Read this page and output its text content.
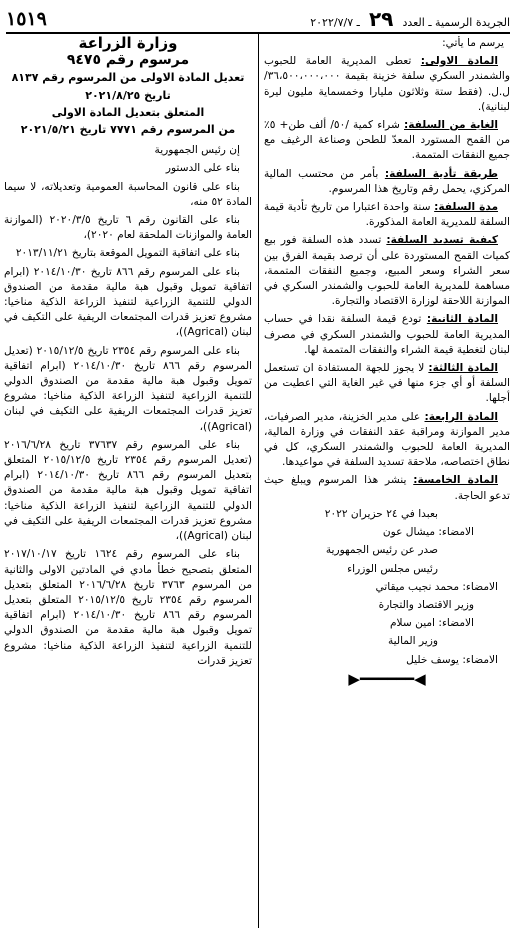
الجريدة الرسمية ـ العدد ٢٩ ـ ٢٠٢٢/٧/٧
١٥١٩

يرسم ما يأتي:

المادة الاولى: تعطى المديرية العامة للحبوب والشمندر السكري سلفة خزينة بقيمة ٣٦،٥٠٠،٠٠٠،٠٠٠/ل.ل. (فقط ستة وثلاثون مليارا وخمسماية مليون ليرة لبنانية).

الغاية من السلفة: شراء كمية /٥٠/ ألف طن+ ٥٪ من القمح المستورد المعدّ للطحن وصناعة الرغيف مع جميع النفقات المتممة.

طريقة تأدية السلفة: بأمر من محتسب المالية المركزي، يحمل رقم وتاريخ هذا المرسوم.

مدة السلفة: سنة واحدة اعتبارا من تاريخ تأدية قيمة السلفة للمديرية العامة المذكورة.

كيفية تسديد السلفة: تسدد هذه السلفة فور بيع كميات القمح المستوردة على أن ترصد بقيمة الفرق بين سعر الشراء وسعر المبيع، وجميع النفقات المتممة، مساهمة للمديرية العامة للحبوب والشمندر السكري في الموازنة اللاحقة لوزارة الاقتصاد والتجارة.

المادة الثانية: تودع قيمة السلفة نقدا في حساب المديرية العامة للحبوب والشمندر السكري في مصرف لبنان لتغطية قيمة الشراء والنفقات المتممة لها.

المادة الثالثة: لا يجوز للجهة المستفادة ان تستعمل السلفة أو أي جزء منها في غير الغاية التي اعطيت من أجلها.

المادة الرابعة: على مدير الخزينة، مدير الصرفيات، مدير الموازنة ومراقبة عقد النفقات في وزارة المالية، المديرية العامة للحبوب والشمندر السكري، كل في نطاق اختصاصه، ملاحقة تسديد السلفة في مواعيدها.

المادة الخامسة: ينشر هذا المرسوم ويبلغ حيث تدعو الحاجة.

بعبدا في ٢٤ حزيران ٢٠٢٢

الامضاء: ميشال عون

صدر عن رئيس الجمهورية

رئيس مجلس الوزراء

الامضاء: محمد نجيب ميقاتي

وزير الاقتصاد والتجارة

الامضاء: امين سلام

وزير المالية

الامضاء: يوسف خليل

◀━━━━━━▶
وزارة الزراعة
مرسوم رقم ٩٤٧٥
تعديل المادة الاولى من المرسوم رقم ٨١٣٧
تاريخ ٢٠٢١/٨/٢٥
المتعلق بتعديل المادة الاولى
من المرسوم رقم ٧٧٧١ تاريخ ٢٠٢١/٥/٢١

إن رئيس الجمهورية

بناء على الدستور

بناء على قانون المحاسبة العمومية وتعديلاته، لا سيما المادة ٥٢ منه،

بناء على القانون رقم ٦ تاريخ ٢٠٢٠/٣/٥ (الموازنة العامة والموازنات الملحقة لعام ٢٠٢٠)،

بناء على اتفاقية التمويل الموقعة بتاريخ ٢٠١٣/١١/٢١

بناء على المرسوم رقم ٨٦٦ تاريخ ٢٠١٤/١٠/٣٠ (ابرام اتفاقية تمويل وقبول هبة مالية مقدمة من الصندوق الدولي للتنمية الزراعية لتنفيذ الزراعة الذكية مناخيا: مشروع تعزيز قدرات المجتمعات الريفية على التكيف في لبنان (Agrical))،

بناء على المرسوم رقم ٢٣٥٤ تاريخ ٢٠١٥/١٢/٥ (تعديل المرسوم رقم ٨٦٦ تاريخ ٢٠١٤/١٠/٣٠ (ابرام اتفاقية تمويل وقبول هبة مالية مقدمة من الصندوق الدولي للتنمية الزراعية لتنفيذ الزراعة الذكية مناخيا: مشروع تعزيز قدرات المجتمعات الريفية على التكيف في لبنان (Agrical))،

بناء على المرسوم رقم ٣٧٦٣٧ تاريخ ٢٠١٦/٦/٢٨ (تعديل المرسوم رقم ٢٣٥٤ تاريخ ٢٠١٥/١٢/٥ المتعلق بتعديل المرسوم رقم ٨٦٦ تاريخ ٢٠١٤/١٠/٣٠ (ابرام اتفاقية تمويل وقبول هبة مالية مقدمة من الصندوق الدولي للتنمية الزراعية لتنفيذ الزراعة الذكية مناخيا: مشروع تعزيز قدرات المجتمعات الريفية على التكيف في لبنان (Agrical))،

بناء على المرسوم رقم ١٦٢٤ تاريخ ٢٠١٧/١٠/١٧ المتعلق بتصحيح خطأ مادي في المادتين الاولى والثانية من المرسوم ٣٧٦٣ تاريخ ٢٠١٦/٦/٢٨ المتعلق بتعديل المرسوم رقم ٢٣٥٤ تاريخ ٢٠١٥/١٢/٥ المتعلق بتعديل المرسوم رقم ٨٦٦ تاريخ ٢٠١٤/١٠/٣٠ (ابرام اتفاقية تمويل وقبول هبة مالية مقدمة من الصندوق الدولي للتنمية الزراعية لتنفيذ الزراعة الذكية مناخيا: مشروع تعزيز قدرات
